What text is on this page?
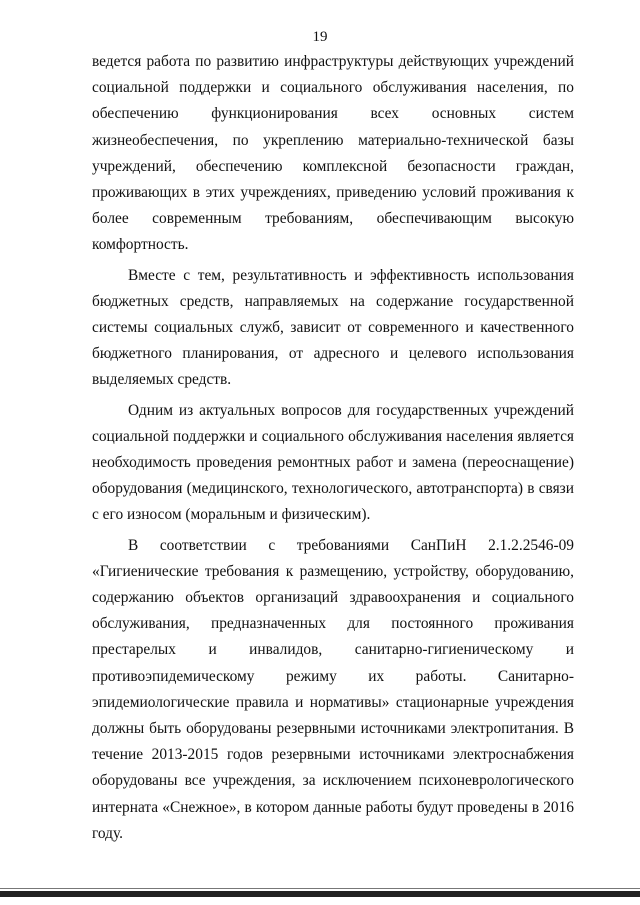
19

ведется работа по развитию инфраструктуры действующих учреждений социальной поддержки и социального обслуживания населения, по обеспечению функционирования всех основных систем жизнеобеспечения, по укреплению материально-технической базы учреждений, обеспечению комплексной безопасности граждан, проживающих в этих учреждениях, приведению условий проживания к более современным требованиям, обеспечивающим высокую комфортность.

Вместе с тем, результативность и эффективность использования бюджетных средств, направляемых на содержание государственной системы социальных служб, зависит от современного и качественного бюджетного планирования, от адресного и целевого использования выделяемых средств.

Одним из актуальных вопросов для государственных учреждений социальной поддержки и социального обслуживания населения является необходимость проведения ремонтных работ и замена (переоснащение) оборудования (медицинского, технологического, автотранспорта) в связи с его износом (моральным и физическим).

В соответствии с требованиями СанПиН 2.1.2.2546-09 «Гигиенические требования к размещению, устройству, оборудованию, содержанию объектов организаций здравоохранения и социального обслуживания, предназначенных для постоянного проживания престарелых и инвалидов, санитарно-гигиеническому и противоэпидемическому режиму их работы. Санитарно-эпидемиологические правила и нормативы» стационарные учреждения должны быть оборудованы резервными источниками электропитания. В течение 2013-2015 годов резервными источниками электроснабжения оборудованы все учреждения, за исключением психоневрологического интерната «Снежное», в котором данные работы будут проведены в 2016 году.
